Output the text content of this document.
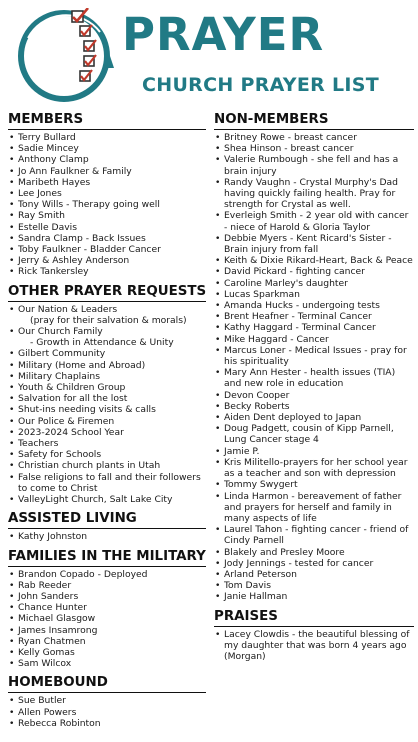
PRAYER
CHURCH PRAYER LIST
MEMBERS
• Terry Bullard
• Sadie Mincey
• Anthony Clamp
• Jo Ann Faulkner & Family
• Maribeth Hayes
• Lee Jones
• Tony Wills - Therapy going well
• Ray Smith
• Estelle Davis
• Sandra Clamp - Back Issues
• Toby Faulkner - Bladder Cancer
• Jerry & Ashley Anderson
• Rick Tankersley
OTHER PRAYER REQUESTS
• Our Nation & Leaders
(pray for their salvation & morals)
• Our Church Family
- Growth in Attendance & Unity
• Gilbert Community
• Military (Home and Abroad)
• Military Chaplains
• Youth & Children Group
• Salvation for all the lost
• Shut-ins needing visits & calls
• Our Police & Firemen
• 2023-2024 School Year
• Teachers
• Safety for Schools
• Christian church plants in Utah
• False religions to fall and their followers to come to Christ
• ValleyLight Church, Salt Lake City
ASSISTED LIVING
• Kathy Johnston
FAMILIES IN THE MILITARY
• Brandon Copado - Deployed
• Rab Reeder
• John Sanders
• Chance Hunter
• Michael Glasgow
• James Insamrong
• Ryan Chatmen
• Kelly Gomas
• Sam Wilcox
HOMEBOUND
• Sue Butler
• Allen Powers
• Rebecca Robinton
NON-MEMBERS
• Britney Rowe - breast cancer
• Shea Hinson - breast cancer
• Valerie Rumbough - she fell and has a brain injury
• Randy Vaughn - Crystal Murphy's Dad having quickly failing health. Pray for strength for Crystal as well.
• Everleigh Smith - 2 year old with cancer - niece of Harold & Gloria Taylor
• Debbie Myers - Kent Ricard's Sister - Brain injury from fall
• Keith & Dixie Rikard-Heart, Back & Peace
• David Pickard - fighting cancer
• Caroline Marley's daughter
• Lucas Sparkman
• Amanda Hucks - undergoing tests
• Brent Heafner - Terminal Cancer
• Kathy Haggard - Terminal Cancer
• Mike Haggard - Cancer
• Marcus Loner - Medical Issues - pray for his spirituality
• Mary Ann Hester - health issues (TIA) and new role in education
• Devon Cooper
• Becky Roberts
• Aiden Dent deployed to Japan
• Doug Padgett, cousin of Kipp Parnell, Lung Cancer stage 4
• Jamie P.
• Kris Militello-prayers for her school year as a teacher and son with depression
• Tommy Swygert
• Linda Harmon - bereavement of father and prayers for herself and family in many aspects of life
• Laurel Tahon - fighting cancer - friend of Cindy Parnell
• Blakely and Presley Moore
• Jody Jennings - tested for cancer
• Arland Peterson
• Tom Davis
• Janie Hallman
PRAISES
• Lacey Clowdis - the beautiful blessing of my daughter that was born 4 years ago (Morgan)
